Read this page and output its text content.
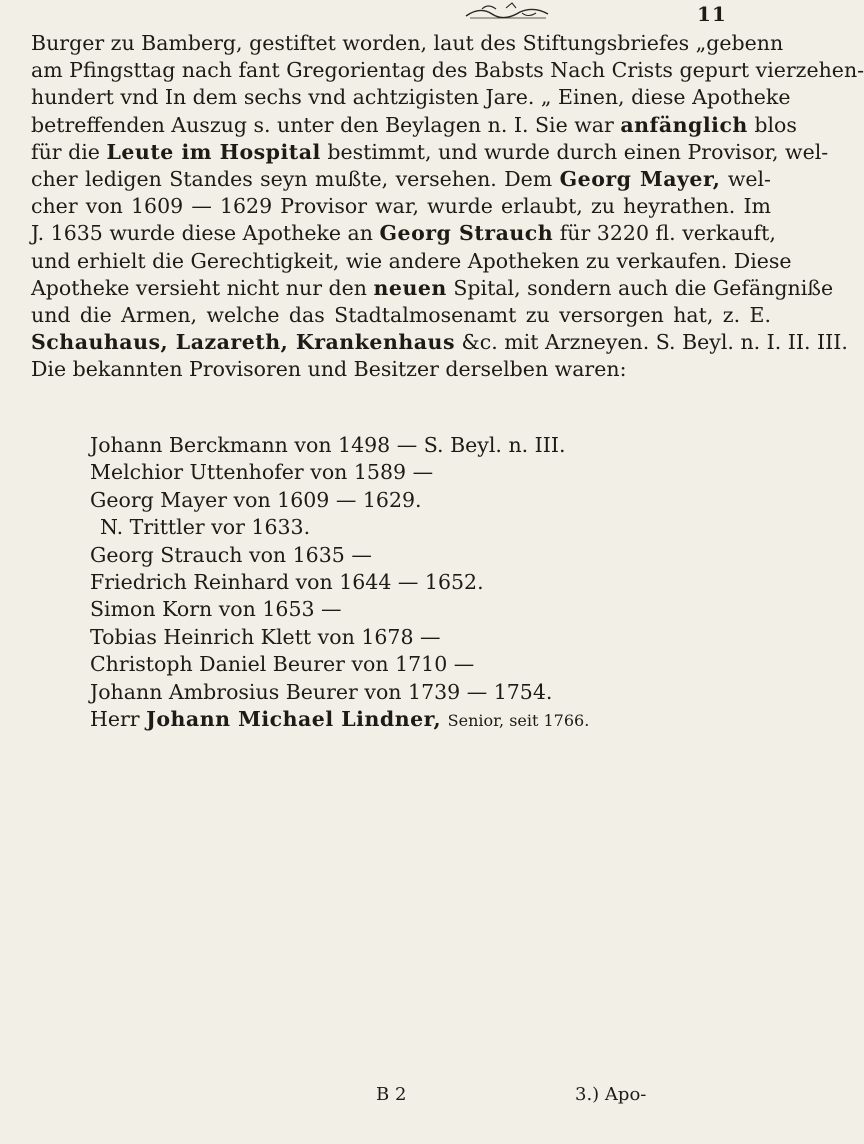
11
Burger zu Bamberg, gestiftet worden, laut des Stiftungsbriefes „gebenn
am Pfingsttag nach fant Gregorientag des Babsts Nach Crists gepurt vierzehen-
hundert vnd In dem sechs vnd achtzigisten Jare. „ Einen, diese Apotheke
betreffenden Auszug s. unter den Beylagen n. I. Sie war anfänglich blos
für die Leute im Hospital bestimmt, und wurde durch einen Provisor, wel-
cher ledigen Standes seyn mußte, versehen. Dem Georg Mayer, wel-
cher von 1609 — 1629 Provisor war, wurde erlaubt, zu heyrathen. Im
J. 1635 wurde diese Apotheke an Georg Strauch für 3220 fl. verkauft,
und erhielt die Gerechtigkeit, wie andere Apotheken zu verkaufen. Diese
Apotheke versieht nicht nur den neuen Spital, sondern auch die Gefängniße
und die Armen, welche das Stadtalmosenamt zu versorgen hat, z. E.
Schauhaus, Lazareth, Krankenhaus &c. mit Arzneyen. S. Beyl. n. I. II. III.
Die bekannten Provisoren und Besitzer derselben waren:
Johann Berckmann von 1498 — S. Beyl. n. III.
Melchior Uttenhofer von 1589 —
Georg Mayer von 1609 — 1629.
N. Trittler vor 1633.
Georg Strauch von 1635 —
Friedrich Reinhard von 1644 — 1652.
Simon Korn von 1653 —
Tobias Heinrich Klett von 1678 —
Christoph Daniel Beurer von 1710 —
Johann Ambrosius Beurer von 1739 — 1754.
Herr Johann Michael Lindner, Senior, seit 1766.
B 2	3.) Apo-
